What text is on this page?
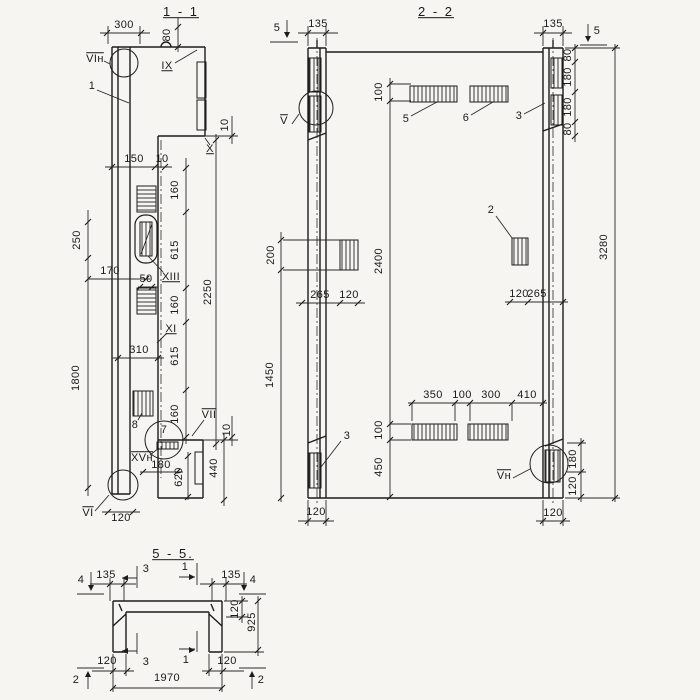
1 - 1
300
80
VIн
1
IX
10
X
150 10
160
615
250
170
50 XIII
2250
160
XI
615
310
1800
160
8 7
$\overline{VII}$
10
XVн
180
620 440
$\overline{VI}$ 120
2 - 2
5	135	135
5
$\overline{V}$
100
5	6	3
80
180
180
80
200
2
2400
265 120	120
265
3280
1450
3 100
450
350 100 300 410
Vн
180
120
120	120
5 - 5.
4 135 3	1
135 4
120
925
120 3	1	120
1970
2	2
